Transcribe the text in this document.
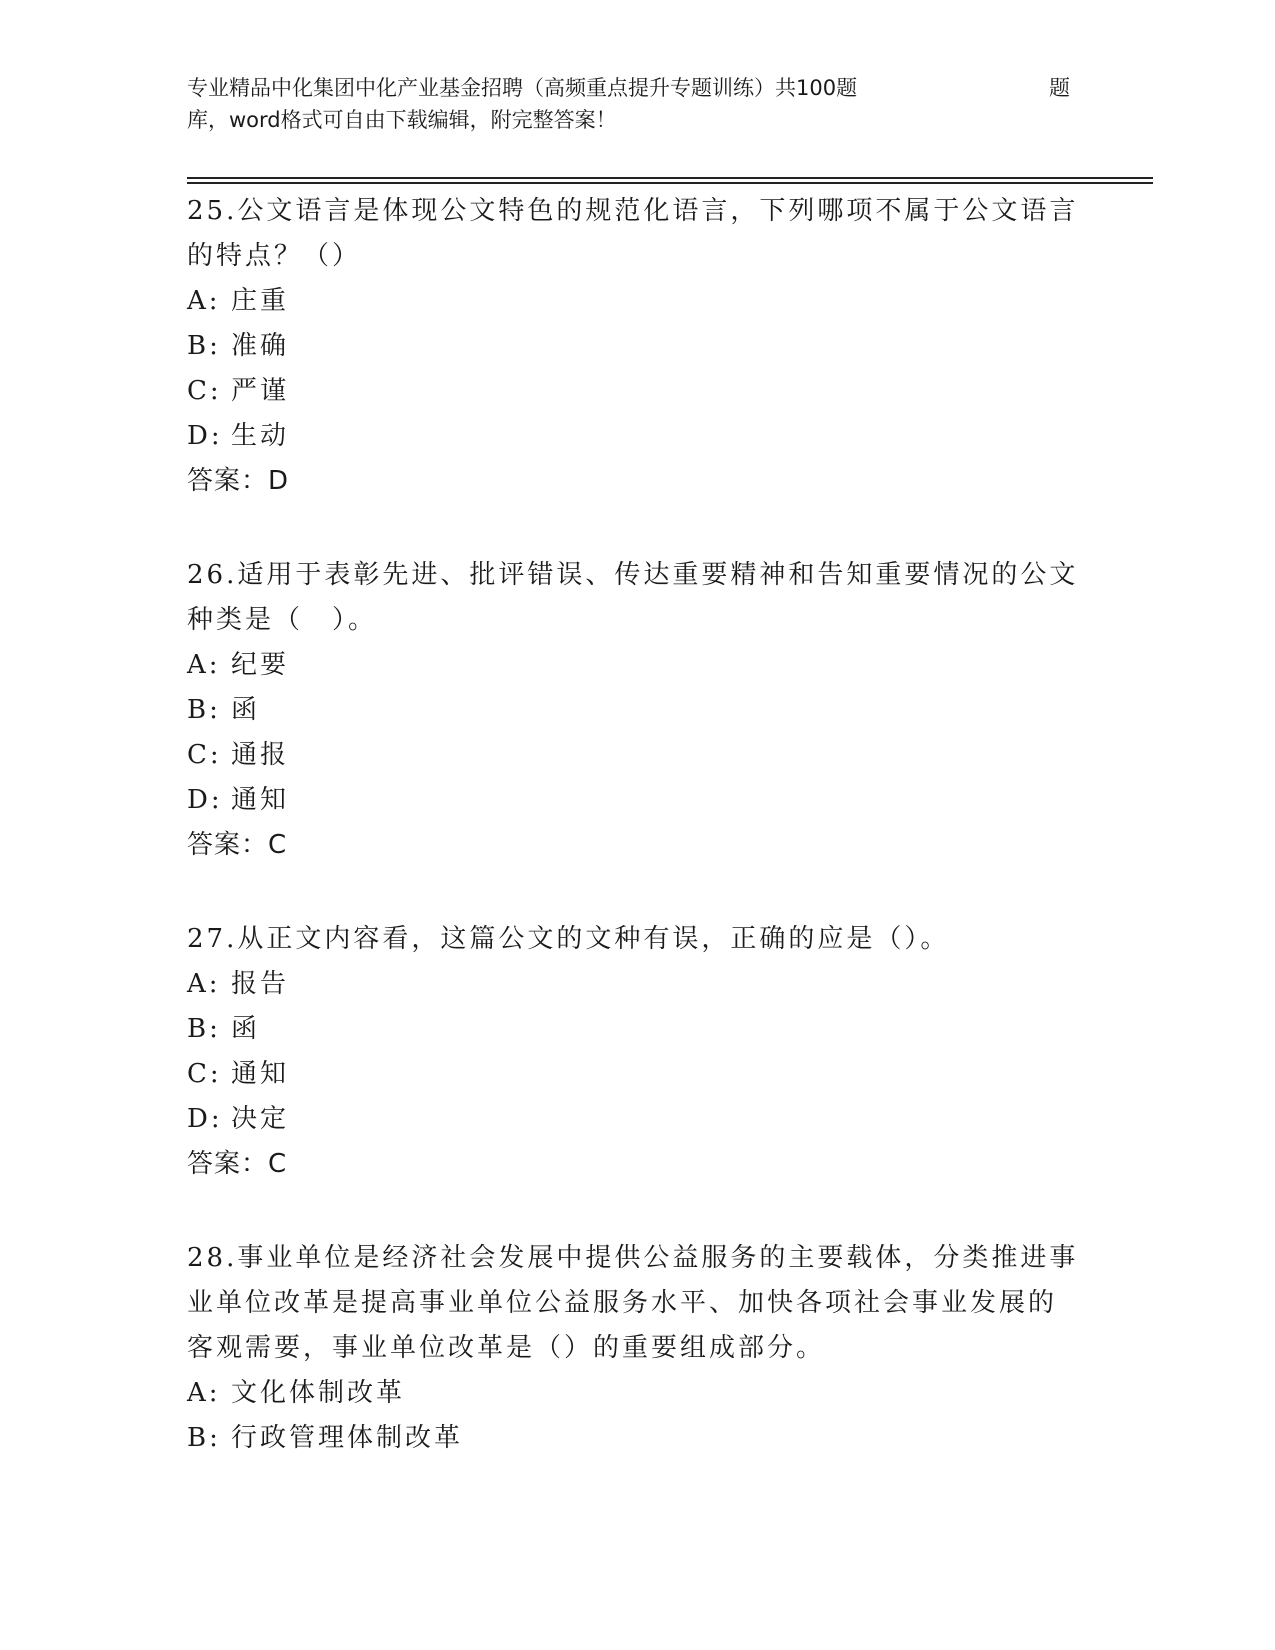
专业精品中化集团中化产业基金招聘（高频重点提升专题训练）共100题	题
库，word格式可自由下载编辑，附完整答案！
25.公文语言是体现公文特色的规范化语言，下列哪项不属于公文语言
的特点？（）
A: 庄重
B: 准确
C: 严谨
D: 生动
答案：D
26.适用于表彰先进、批评错误、传达重要精神和告知重要情况的公文
种类是（　）。
A: 纪要
B: 函
C: 通报
D: 通知
答案：C
27.从正文内容看，这篇公文的文种有误，正确的应是（）。
A: 报告
B: 函
C: 通知
D: 决定
答案：C
28.事业单位是经济社会发展中提供公益服务的主要载体，分类推进事
业单位改革是提高事业单位公益服务水平、加快各项社会事业发展的
客观需要，事业单位改革是（）的重要组成部分。
A: 文化体制改革
B: 行政管理体制改革
